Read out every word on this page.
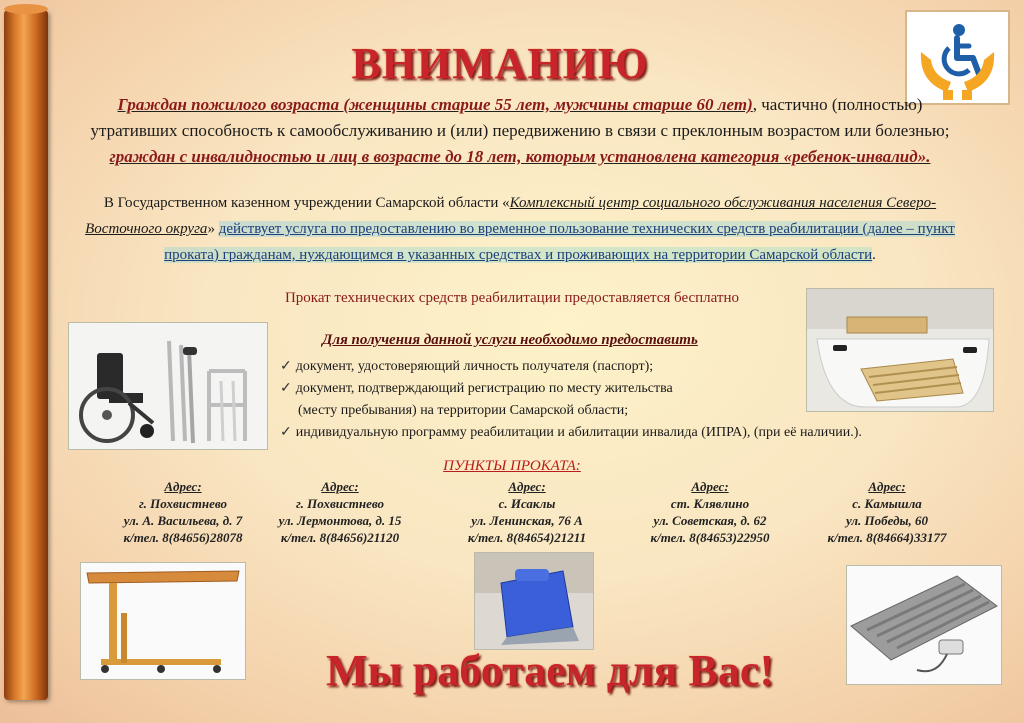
ВНИМАНИЮ
Граждан пожилого возраста (женщины старше 55 лет, мужчины старше 60 лет), частично (полностью) утративших способность к самообслуживанию и (или) передвижению в связи с преклонным возрастом или болезнью; граждан с инвалидностью и лиц в возрасте до 18 лет, которым установлена категория «ребенок-инвалид».
В Государственном казенном учреждении Самарской области «Комплексный центр социального обслуживания населения Северо-Восточного округа» действует услуга по предоставлению во временное пользование технических средств реабилитации (далее – пункт проката) гражданам, нуждающимся в указанных средствах и проживающих на территории Самарской области.
Прокат технических средств реабилитации предоставляется бесплатно
Для получения данной услуги необходимо предоставить
✓ документ, удостоверяющий личность получателя (паспорт);
✓ документ, подтверждающий регистрацию по месту жительства
(месту пребывания) на территории Самарской области;
✓ индивидуальную программу реабилитации и абилитации инвалида (ИПРА), (при её наличии.).
ПУНКТЫ ПРОКАТА:
Адрес:
г. Похвистнево
ул. А. Васильева, д. 7
к/тел. 8(84656)28078
Адрес:
г. Похвистнево
ул. Лермонтова, д. 15
к/тел. 8(84656)21120
Адрес:
с. Исаклы
ул. Ленинская, 76 А
к/тел. 8(84654)21211
Адрес:
ст. Клявлино
ул. Советская, д. 62
к/тел. 8(84653)22950
Адрес:
с. Камышла
ул. Победы, 60
к/тел. 8(84664)33177
Мы работаем для Вас!
